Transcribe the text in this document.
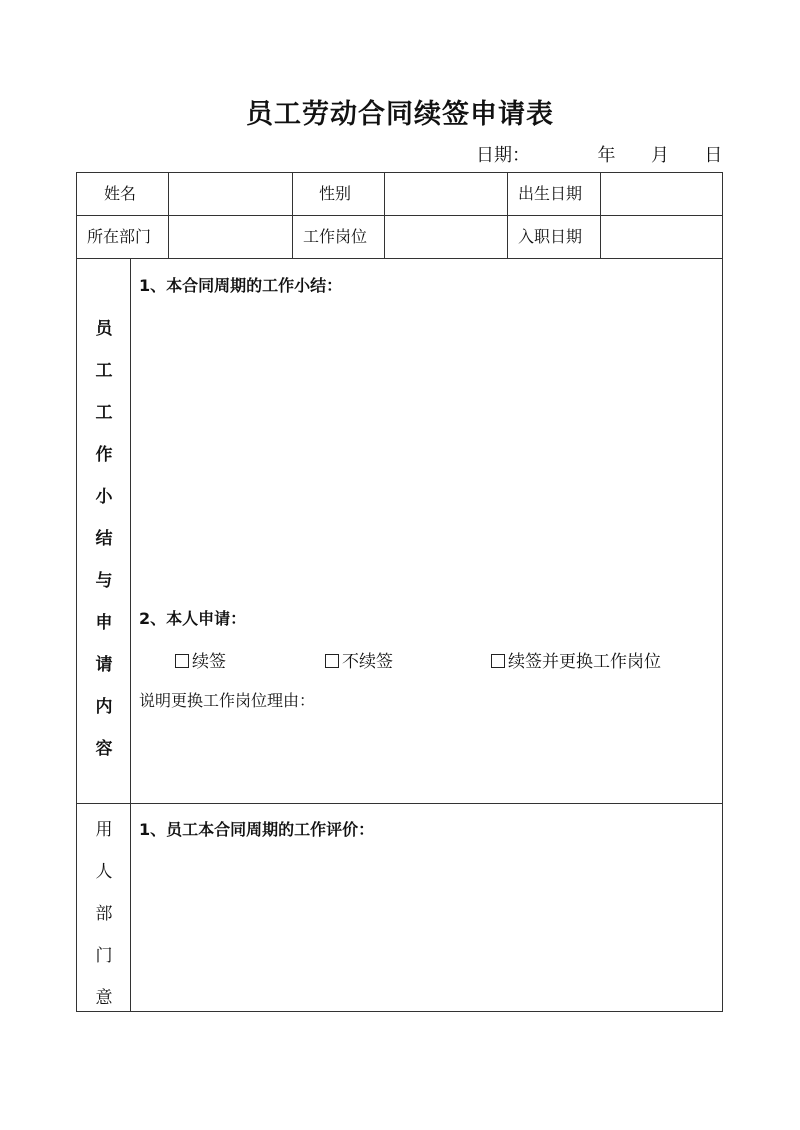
员工劳动合同续签申请表
日期：	年 月 日
姓名	性别	出生日期
所在部门	工作岗位	入职日期
员
工
工
作
小
结
与
申
请
内
容
1、本合同周期的工作小结：
2、本人申请：
续签	不续签	续签并更换工作岗位
说明更换工作岗位理由：
用
人
部
门
意
1、员工本合同周期的工作评价：
